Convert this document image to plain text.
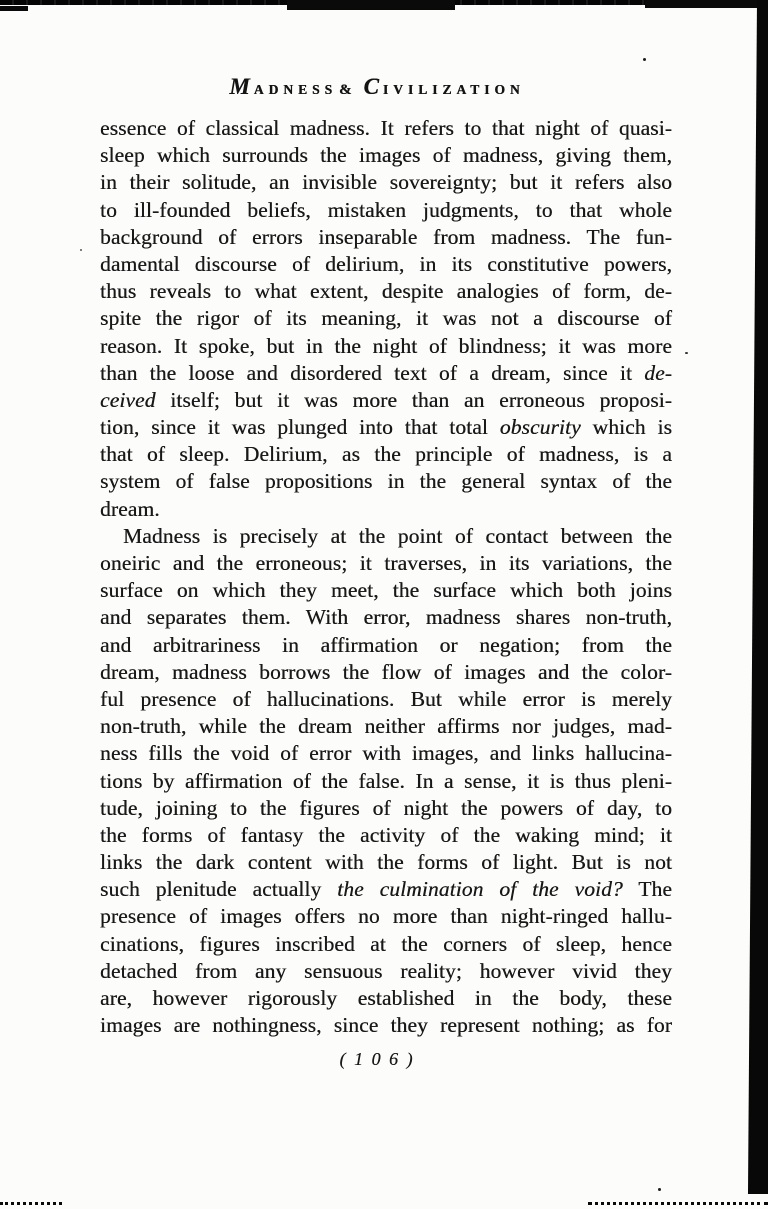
MADNESS & CIVILIZATION
essence of classical madness. It refers to that night of quasi-
sleep which surrounds the images of madness, giving them,
in their solitude, an invisible sovereignty; but it refers also
to ill-founded beliefs, mistaken judgments, to that whole
background of errors inseparable from madness. The fun-
damental discourse of delirium, in its constitutive powers,
thus reveals to what extent, despite analogies of form, de-
spite the rigor of its meaning, it was not a discourse of
reason. It spoke, but in the night of blindness; it was more
than the loose and disordered text of a dream, since it de-
ceived itself; but it was more than an erroneous proposi-
tion, since it was plunged into that total obscurity which is
that of sleep. Delirium, as the principle of madness, is a
system of false propositions in the general syntax of the
dream.
Madness is precisely at the point of contact between the
oneiric and the erroneous; it traverses, in its variations, the
surface on which they meet, the surface which both joins
and separates them. With error, madness shares non-truth,
and arbitrariness in affirmation or negation; from the
dream, madness borrows the flow of images and the color-
ful presence of hallucinations. But while error is merely
non-truth, while the dream neither affirms nor judges, mad-
ness fills the void of error with images, and links hallucina-
tions by affirmation of the false. In a sense, it is thus pleni-
tude, joining to the figures of night the powers of day, to
the forms of fantasy the activity of the waking mind; it
links the dark content with the forms of light. But is not
such plenitude actually the culmination of the void? The
presence of images offers no more than night-ringed hallu-
cinations, figures inscribed at the corners of sleep, hence
detached from any sensuous reality; however vivid they
are, however rigorously established in the body, these
images are nothingness, since they represent nothing; as for
( 1 0 6 )
